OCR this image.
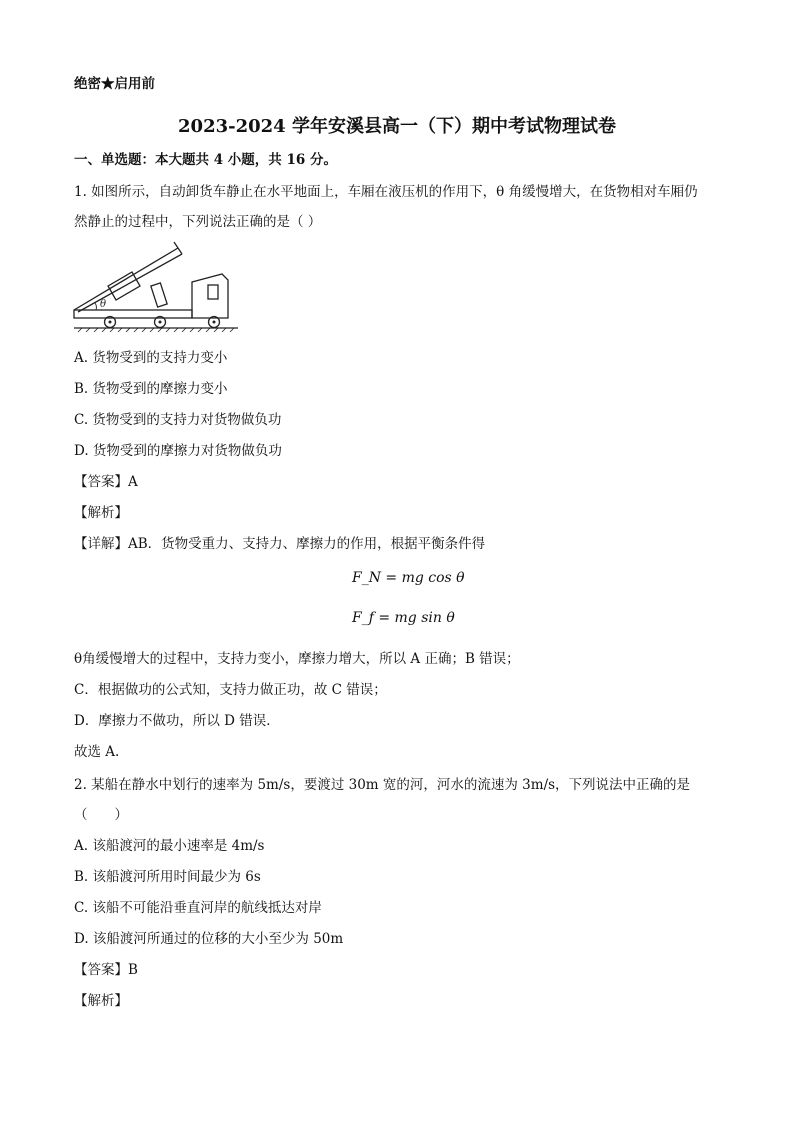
绝密★启用前
2023-2024 学年安溪县高一（下）期中考试物理试卷
一、单选题：本大题共 4 小题，共 16 分。
1. 如图所示，自动卸货车静止在水平地面上，车厢在液压机的作用下，θ 角缓慢增大，在货物相对车厢仍
然静止的过程中，下列说法正确的是（ ）
θ
A. 货物受到的支持力变小
B. 货物受到的摩擦力变小
C. 货物受到的支持力对货物做负功
D. 货物受到的摩擦力对货物做负功
【答案】A
【解析】
【详解】AB．货物受重力、支持力、摩擦力的作用，根据平衡条件得
F_N = mg cos θ
F_f = mg sin θ
θ角缓慢增大的过程中，支持力变小，摩擦力增大，所以 A 正确；B 错误；
C．根据做功的公式知，支持力做正功，故 C 错误；
D．摩擦力不做功，所以 D 错误．
故选 A.
2. 某船在静水中划行的速率为 5m/s，要渡过 30m 宽的河，河水的流速为 3m/s，下列说法中正确的是
（　　）
A. 该船渡河的最小速率是 4m/s
B. 该船渡河所用时间最少为 6s
C. 该船不可能沿垂直河岸的航线抵达对岸
D. 该船渡河所通过的位移的大小至少为 50m
【答案】B
【解析】
